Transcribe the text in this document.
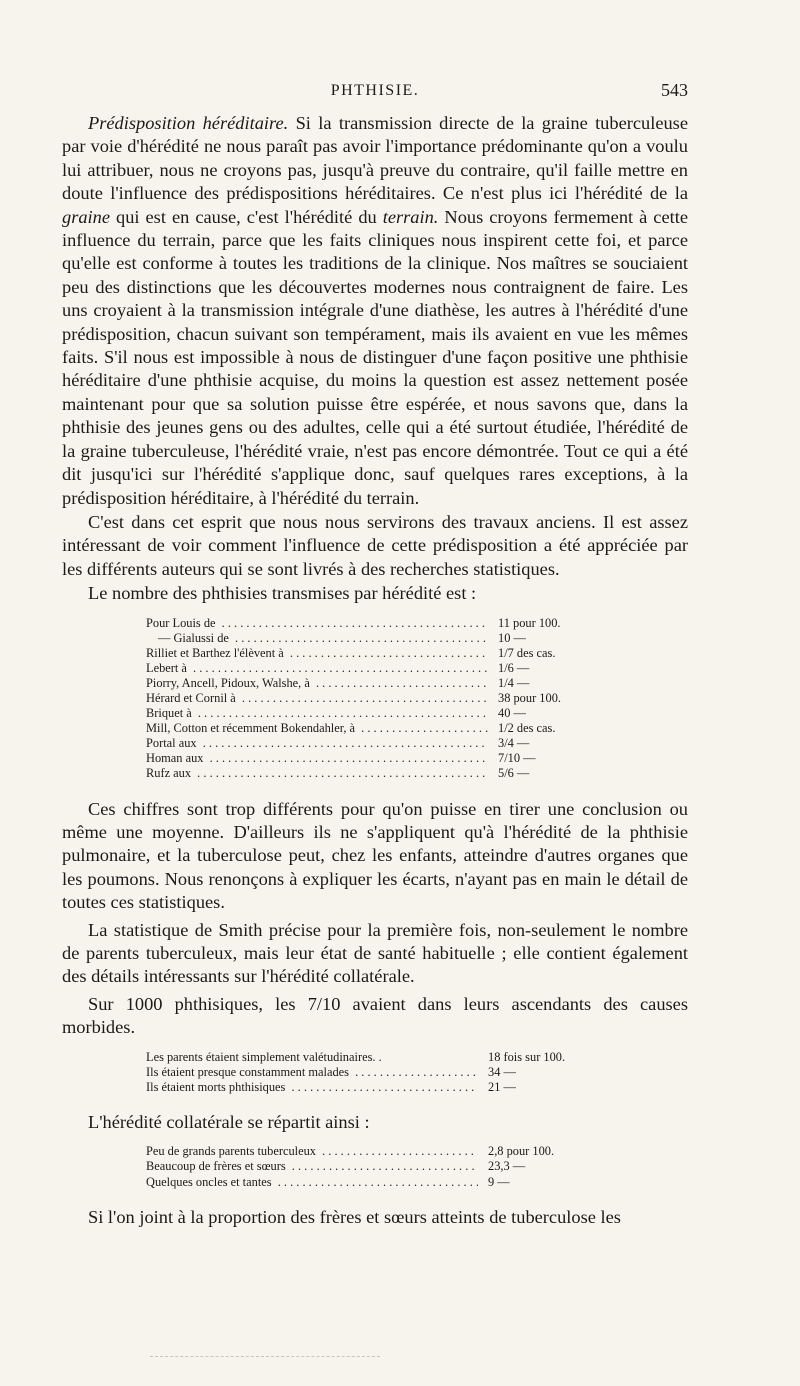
PHTHISIE.	543

Prédisposition héréditaire. Si la transmission directe de la graine tuberculeuse par voie d'hérédité ne nous paraît pas avoir l'importance prédominante qu'on a voulu lui attribuer, nous ne croyons pas, jusqu'à preuve du contraire, qu'il faille mettre en doute l'influence des prédispositions héréditaires. Ce n'est plus ici l'hérédité de la graine qui est en cause, c'est l'hérédité du terrain. Nous croyons fermement à cette influence du terrain, parce que les faits cliniques nous inspirent cette foi, et parce qu'elle est conforme à toutes les traditions de la clinique. Nos maîtres se souciaient peu des distinctions que les découvertes modernes nous contraignent de faire. Les uns croyaient à la transmission intégrale d'une diathèse, les autres à l'hérédité d'une prédisposition, chacun suivant son tempérament, mais ils avaient en vue les mêmes faits. S'il nous est impossible à nous de distinguer d'une façon positive une phthisie héréditaire d'une phthisie acquise, du moins la question est assez nettement posée maintenant pour que sa solution puisse être espérée, et nous savons que, dans la phthisie des jeunes gens ou des adultes, celle qui a été surtout étudiée, l'hérédité de la graine tuberculeuse, l'hérédité vraie, n'est pas encore démontrée. Tout ce qui a été dit jusqu'ici sur l'hérédité s'applique donc, sauf quelques rares exceptions, à la prédisposition héréditaire, à l'hérédité du terrain.

C'est dans cet esprit que nous nous servirons des travaux anciens. Il est assez intéressant de voir comment l'influence de cette prédisposition a été appréciée par les différents auteurs qui se sont livrés à des recherches statistiques.

Le nombre des phthisies transmises par hérédité est :

Pour Louis de . . .	11 pour 100.
— Gialussi de . . .	10 —
Rilliet et Barthez l'élèvent à . . .	1/7 des cas.
Lebert à . . .	1/6 —
Piorry, Ancell, Pidoux, Walshe, à . . .	1/4 —
Hérard et Cornil à . . .	38 pour 100.
Briquet à . . .	40 —
Mill, Cotton et récemment Bokendahler, à . . .	1/2 des cas.
Portal aux . . .	3/4 —
Homan aux . . .	7/10 —
Rufz aux . . .	5/6 —

Ces chiffres sont trop différents pour qu'on puisse en tirer une conclusion ou même une moyenne. D'ailleurs ils ne s'appliquent qu'à l'hérédité de la phthisie pulmonaire, et la tuberculose peut, chez les enfants, atteindre d'autres organes que les poumons. Nous renonçons à expliquer les écarts, n'ayant pas en main le détail de toutes ces statistiques.

La statistique de Smith précise pour la première fois, non-seulement le nombre de parents tuberculeux, mais leur état de santé habituelle ; elle contient également des détails intéressants sur l'hérédité collatérale.

Sur 1000 phthisiques, les 7/10 avaient dans leurs ascendants des causes morbides.

Les parents étaient simplement valétudinaires. .	18 fois sur 100.
Ils étaient presque constamment malades . . .	34 —
Ils étaient morts phthisiques . . .	21 —

L'hérédité collatérale se répartit ainsi :

Peu de grands parents tuberculeux . . .	2,8 pour 100.
Beaucoup de frères et sœurs . . .	23,3 —
Quelques oncles et tantes . . .	9 —

Si l'on joint à la proportion des frères et sœurs atteints de tuberculose les
